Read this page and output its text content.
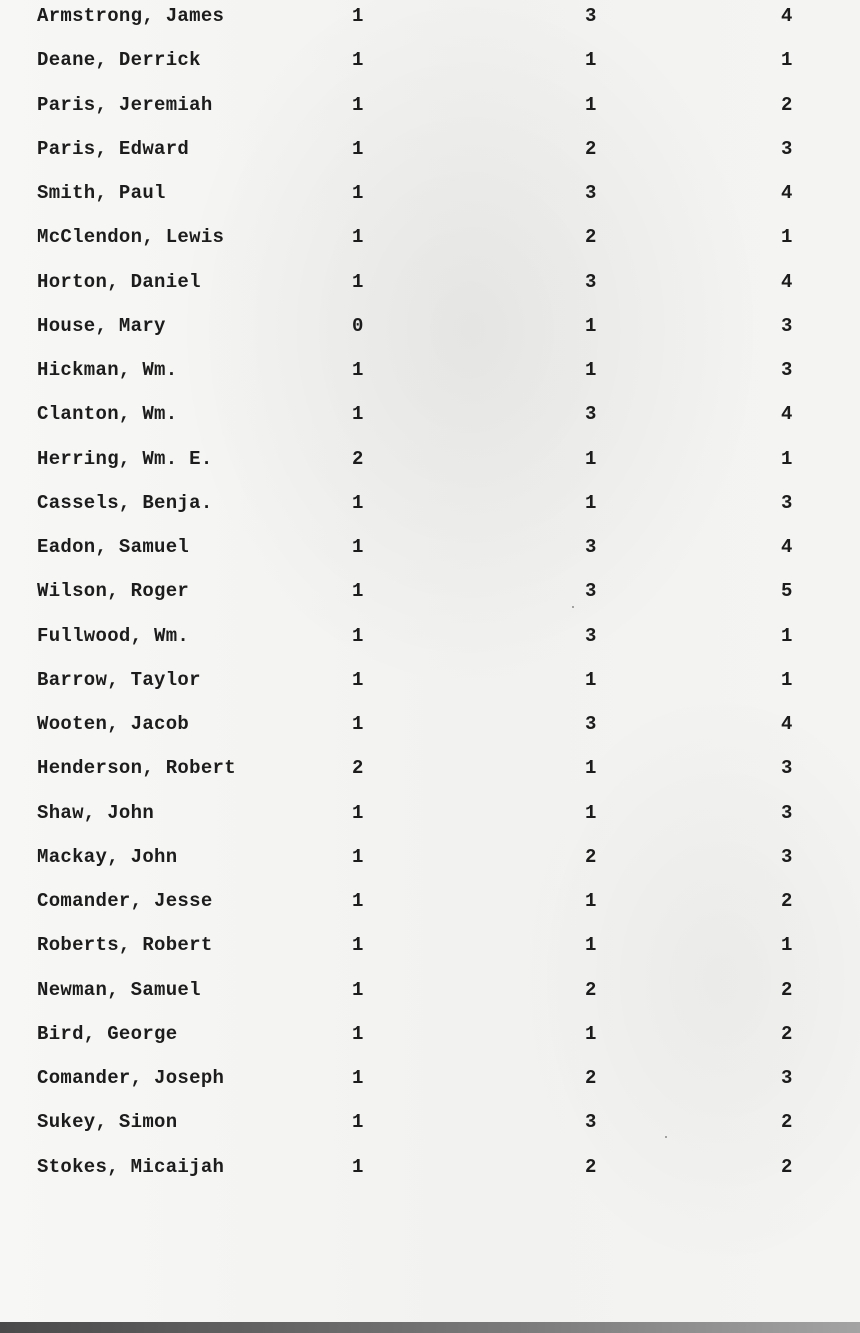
Armstrong, James	1	3	4
Deane, Derrick	1	1	1
Paris, Jeremiah	1	1	2
Paris, Edward	1	2	3
Smith, Paul	1	3	4
McClendon, Lewis	1	2	1
Horton, Daniel	1	3	4
House, Mary	0	1	3
Hickman, Wm.	1	1	3
Clanton, Wm.	1	3	4
Herring, Wm. E.	2	1	1
Cassels, Benja.	1	1	3
Eadon, Samuel	1	3	4
Wilson, Roger	1	3	5
Fullwood, Wm.	1	3	1
Barrow, Taylor	1	1	1
Wooten, Jacob	1	3	4
Henderson, Robert	2	1	3
Shaw, John	1	1	3
Mackay, John	1	2	3
Comander, Jesse	1	1	2
Roberts, Robert	1	1	1
Newman, Samuel	1	2	2
Bird, George	1	1	2
Comander, Joseph	1	2	3
Sukey, Simon	1	3	2
Stokes, Micaijah	1	2	2
